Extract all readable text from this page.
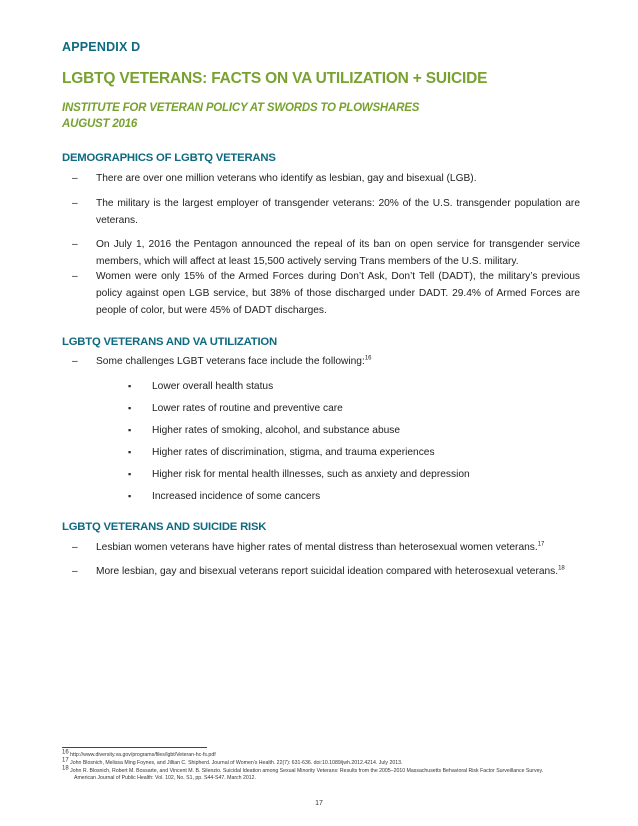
APPENDIX D
LGBTQ VETERANS: FACTS ON VA UTILIZATION + SUICIDE
INSTITUTE FOR VETERAN POLICY AT SWORDS TO PLOWSHARES
AUGUST 2016
DEMOGRAPHICS OF LGBTQ VETERANS
– There are over one million veterans who identify as lesbian, gay and bisexual (LGB).
– The military is the largest employer of transgender veterans: 20% of the U.S. transgender population are veterans.
– On July 1, 2016 the Pentagon announced the repeal of its ban on open service for transgender service members, which will affect at least 15,500 actively serving Trans members of the U.S. military.
– Women were only 15% of the Armed Forces during Don’t Ask, Don’t Tell (DADT), the military’s previous policy against open LGB service, but 38% of those discharged under DADT. 29.4% of Armed Forces are people of color, but were 45% of DADT discharges.
LGBTQ VETERANS AND VA UTILIZATION
– Some challenges LGBT veterans face include the following:$^{16}$
▪ Lower overall health status
▪ Lower rates of routine and preventive care
▪ Higher rates of smoking, alcohol, and substance abuse
▪ Higher rates of discrimination, stigma, and trauma experiences
▪ Higher risk for mental health illnesses, such as anxiety and depression
▪ Increased incidence of some cancers
LGBTQ VETERANS AND SUICIDE RISK
– Lesbian women veterans have higher rates of mental distress than heterosexual women veterans.$^{17}$
– More lesbian, gay and bisexual veterans report suicidal ideation compared with heterosexual veterans.$^{18}$
$^{16}$ http://www.diversity.va.gov/programs/files/lgbt/Veteran-hc-fs.pdf
$^{17}$ John Blosnich, Melissa Ming Foynes, and Jillian C. Shipherd. Journal of Women’s Health. 22(7): 631-636. doi:10.1089/jwh.2012.4214. July 2013.
$^{18}$ John R. Blosnich, Robert M. Bossarte, and Vincent M. B. Silenzio. Suicidal Ideation among Sexual Minority Veterans: Results from the 2005–2010 Massachusetts Behavioral Risk Factor Surveillance Survey.
American Journal of Public Health: Vol. 102, No. S1, pp. S44-S47. March 2012.
17
